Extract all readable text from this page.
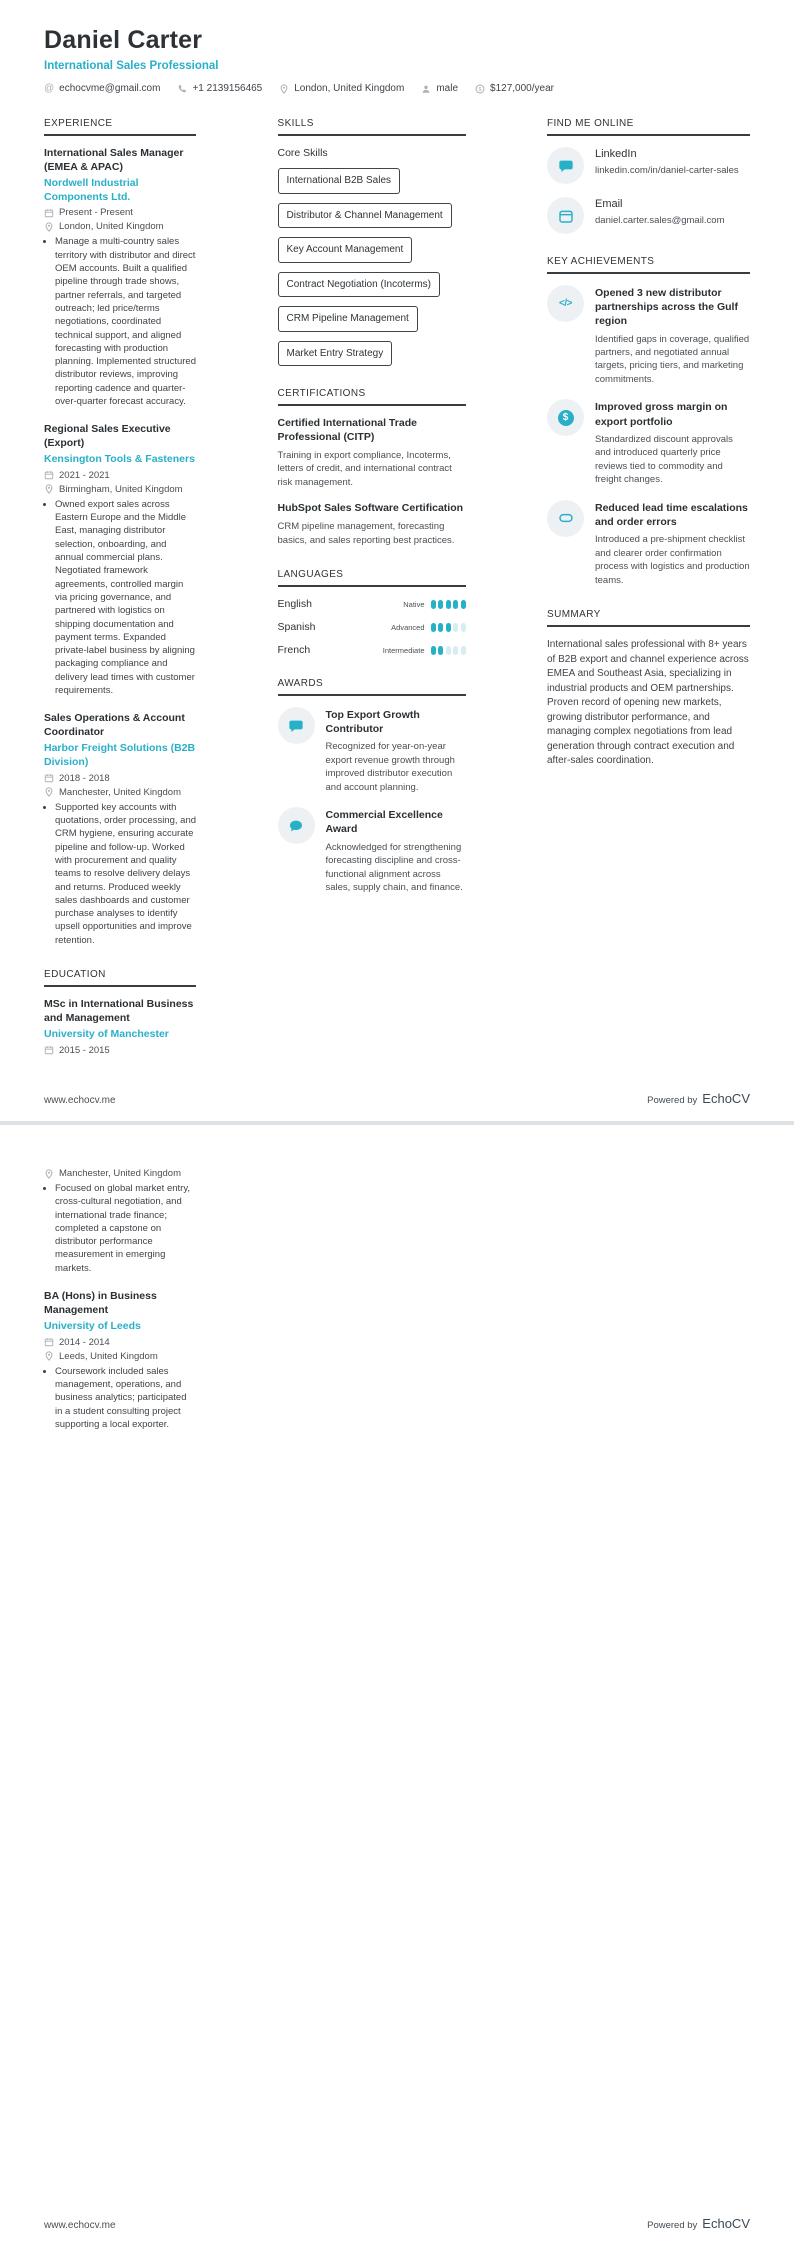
Daniel Carter
International Sales Professional
@ echocvme@gmail.com	+1 2139156465	London, United Kingdom	male $ $127,000/year
EXPERIENCE
International Sales Manager (EMEA & APAC)
Nordwell Industrial Components Ltd.
Present - Present
London, United Kingdom
• Manage a multi-country sales territory with distributor and direct OEM accounts. Built a qualified pipeline through trade shows, partner referrals, and targeted outreach; led price/terms negotiations, coordinated technical support, and aligned forecasting with production planning. Implemented structured distributor reviews, improving reporting cadence and quarter-over-quarter forecast accuracy.
Regional Sales Executive (Export)
Kensington Tools & Fasteners
2021 - 2021
Birmingham, United Kingdom
• Owned export sales across Eastern Europe and the Middle East, managing distributor selection, onboarding, and annual commercial plans. Negotiated framework agreements, controlled margin via pricing governance, and partnered with logistics on shipping documentation and payment terms. Expanded private-label business by aligning packaging compliance and delivery lead times with customer requirements.
Sales Operations & Account Coordinator
Harbor Freight Solutions (B2B Division)
2018 - 2018
Manchester, United Kingdom
• Supported key accounts with quotations, order processing, and CRM hygiene, ensuring accurate pipeline and follow-up. Worked with procurement and quality teams to resolve delivery delays and returns. Produced weekly sales dashboards and customer purchase analyses to identify upsell opportunities and improve retention.
EDUCATION
MSc in International Business and Management
University of Manchester
2015 - 2015
SKILLS
Core Skills
International B2B Sales
Distributor & Channel Management
Key Account Management
Contract Negotiation (Incoterms)
CRM Pipeline Management
Market Entry Strategy
CERTIFICATIONS
Certified International Trade Professional (CITP)

Training in export compliance, Incoterms, letters of credit, and international contract risk management.

HubSpot Sales Software Certification

CRM pipeline management, forecasting basics, and sales reporting best practices.

LANGUAGES
English	Native
Spanish	Advanced
French	Intermediate
AWARDS
Top Export Growth Contributor

Recognized for year-on-year export revenue growth through improved distributor execution and account planning.

Commercial Excellence Award

Acknowledged for strengthening forecasting discipline and cross-functional alignment across sales, supply chain, and finance.

FIND ME ONLINE
LinkedIn

linkedin.com/in/daniel-carter-sales

Email

daniel.carter.sales@gmail.com

KEY ACHIEVEMENTS
</>
Opened 3 new distributor partnerships across the Gulf region

Identified gaps in coverage, qualified partners, and negotiated annual targets, pricing tiers, and marketing commitments.

$
Improved gross margin on export portfolio

Standardized discount approvals and introduced quarterly price reviews tied to commodity and freight changes.

Reduced lead time escalations and order errors

Introduced a pre-shipment checklist and clearer order confirmation process with logistics and production teams.

SUMMARY

International sales professional with 8+ years of B2B export and channel experience across EMEA and Southeast Asia, specializing in industrial products and OEM partnerships. Proven record of opening new markets, growing distributor performance, and managing complex negotiations from lead generation through contract execution and after-sales coordination.

www.echocv.me	Powered by EchoCV
Manchester, United Kingdom
• Focused on global market entry, cross-cultural negotiation, and international trade finance; completed a capstone on distributor performance measurement in emerging markets.
BA (Hons) in Business Management
University of Leeds
2014 - 2014
Leeds, United Kingdom
• Coursework included sales management, operations, and business analytics; participated in a student consulting project supporting a local exporter.
www.echocv.me	Powered by EchoCV
